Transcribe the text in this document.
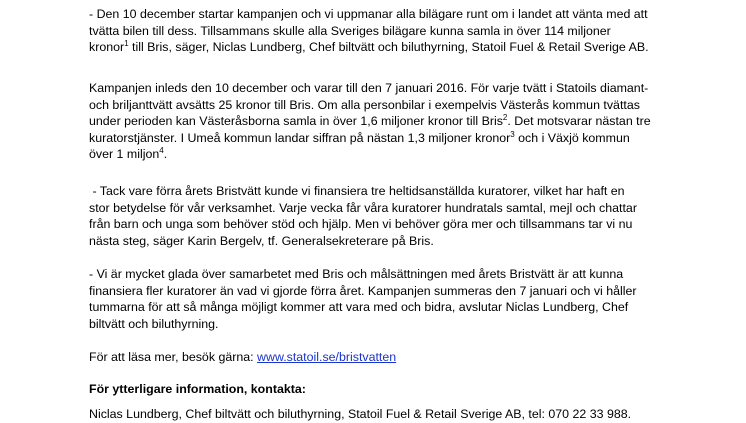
- Den 10 december startar kampanjen och vi uppmanar alla bilägare runt om i landet att vänta med att
tvätta bilen till dess. Tillsammans skulle alla Sveriges bilägare kunna samla in över 114 miljoner
kronor$^1$ till Bris, säger, Niclas Lundberg, Chef biltvätt och biluthyrning, Statoil Fuel & Retail Sverige AB.

Kampanjen inleds den 10 december och varar till den 7 januari 2016. För varje tvätt i Statoils diamant-
och briljanttvätt avsätts 25 kronor till Bris. Om alla personbilar i exempelvis Västerås kommun tvättas
under perioden kan Västeråsborna samla in över 1,6 miljoner kronor till Bris$^2$. Det motsvarar nästan tre
kuratorstjänster. I Umeå kommun landar siffran på nästan 1,3 miljoner kronor$^3$ och i Växjö kommun
över 1 miljon$^4$.

- Tack vare förra årets Bristvätt kunde vi finansiera tre heltidsanställda kuratorer, vilket har haft en
stor betydelse för vår verksamhet. Varje vecka får våra kuratorer hundratals samtal, mejl och chattar
från barn och unga som behöver stöd och hjälp. Men vi behöver göra mer och tillsammans tar vi nu
nästa steg, säger Karin Bergelv, tf. Generalsekreterare på Bris.

- Vi är mycket glada över samarbetet med Bris och målsättningen med årets Bristvätt är att kunna
finansiera fler kuratorer än vad vi gjorde förra året. Kampanjen summeras den 7 januari och vi håller
tummarna för att så många möjligt kommer att vara med och bidra, avslutar Niclas Lundberg, Chef
biltvätt och biluthyrning.

För att läsa mer, besök gärna: www.statoil.se/bristvatten

För ytterligare information, kontakta:

Niclas Lundberg, Chef biltvätt och biluthyrning, Statoil Fuel & Retail Sverige AB, tel: 070 22 33 988.
